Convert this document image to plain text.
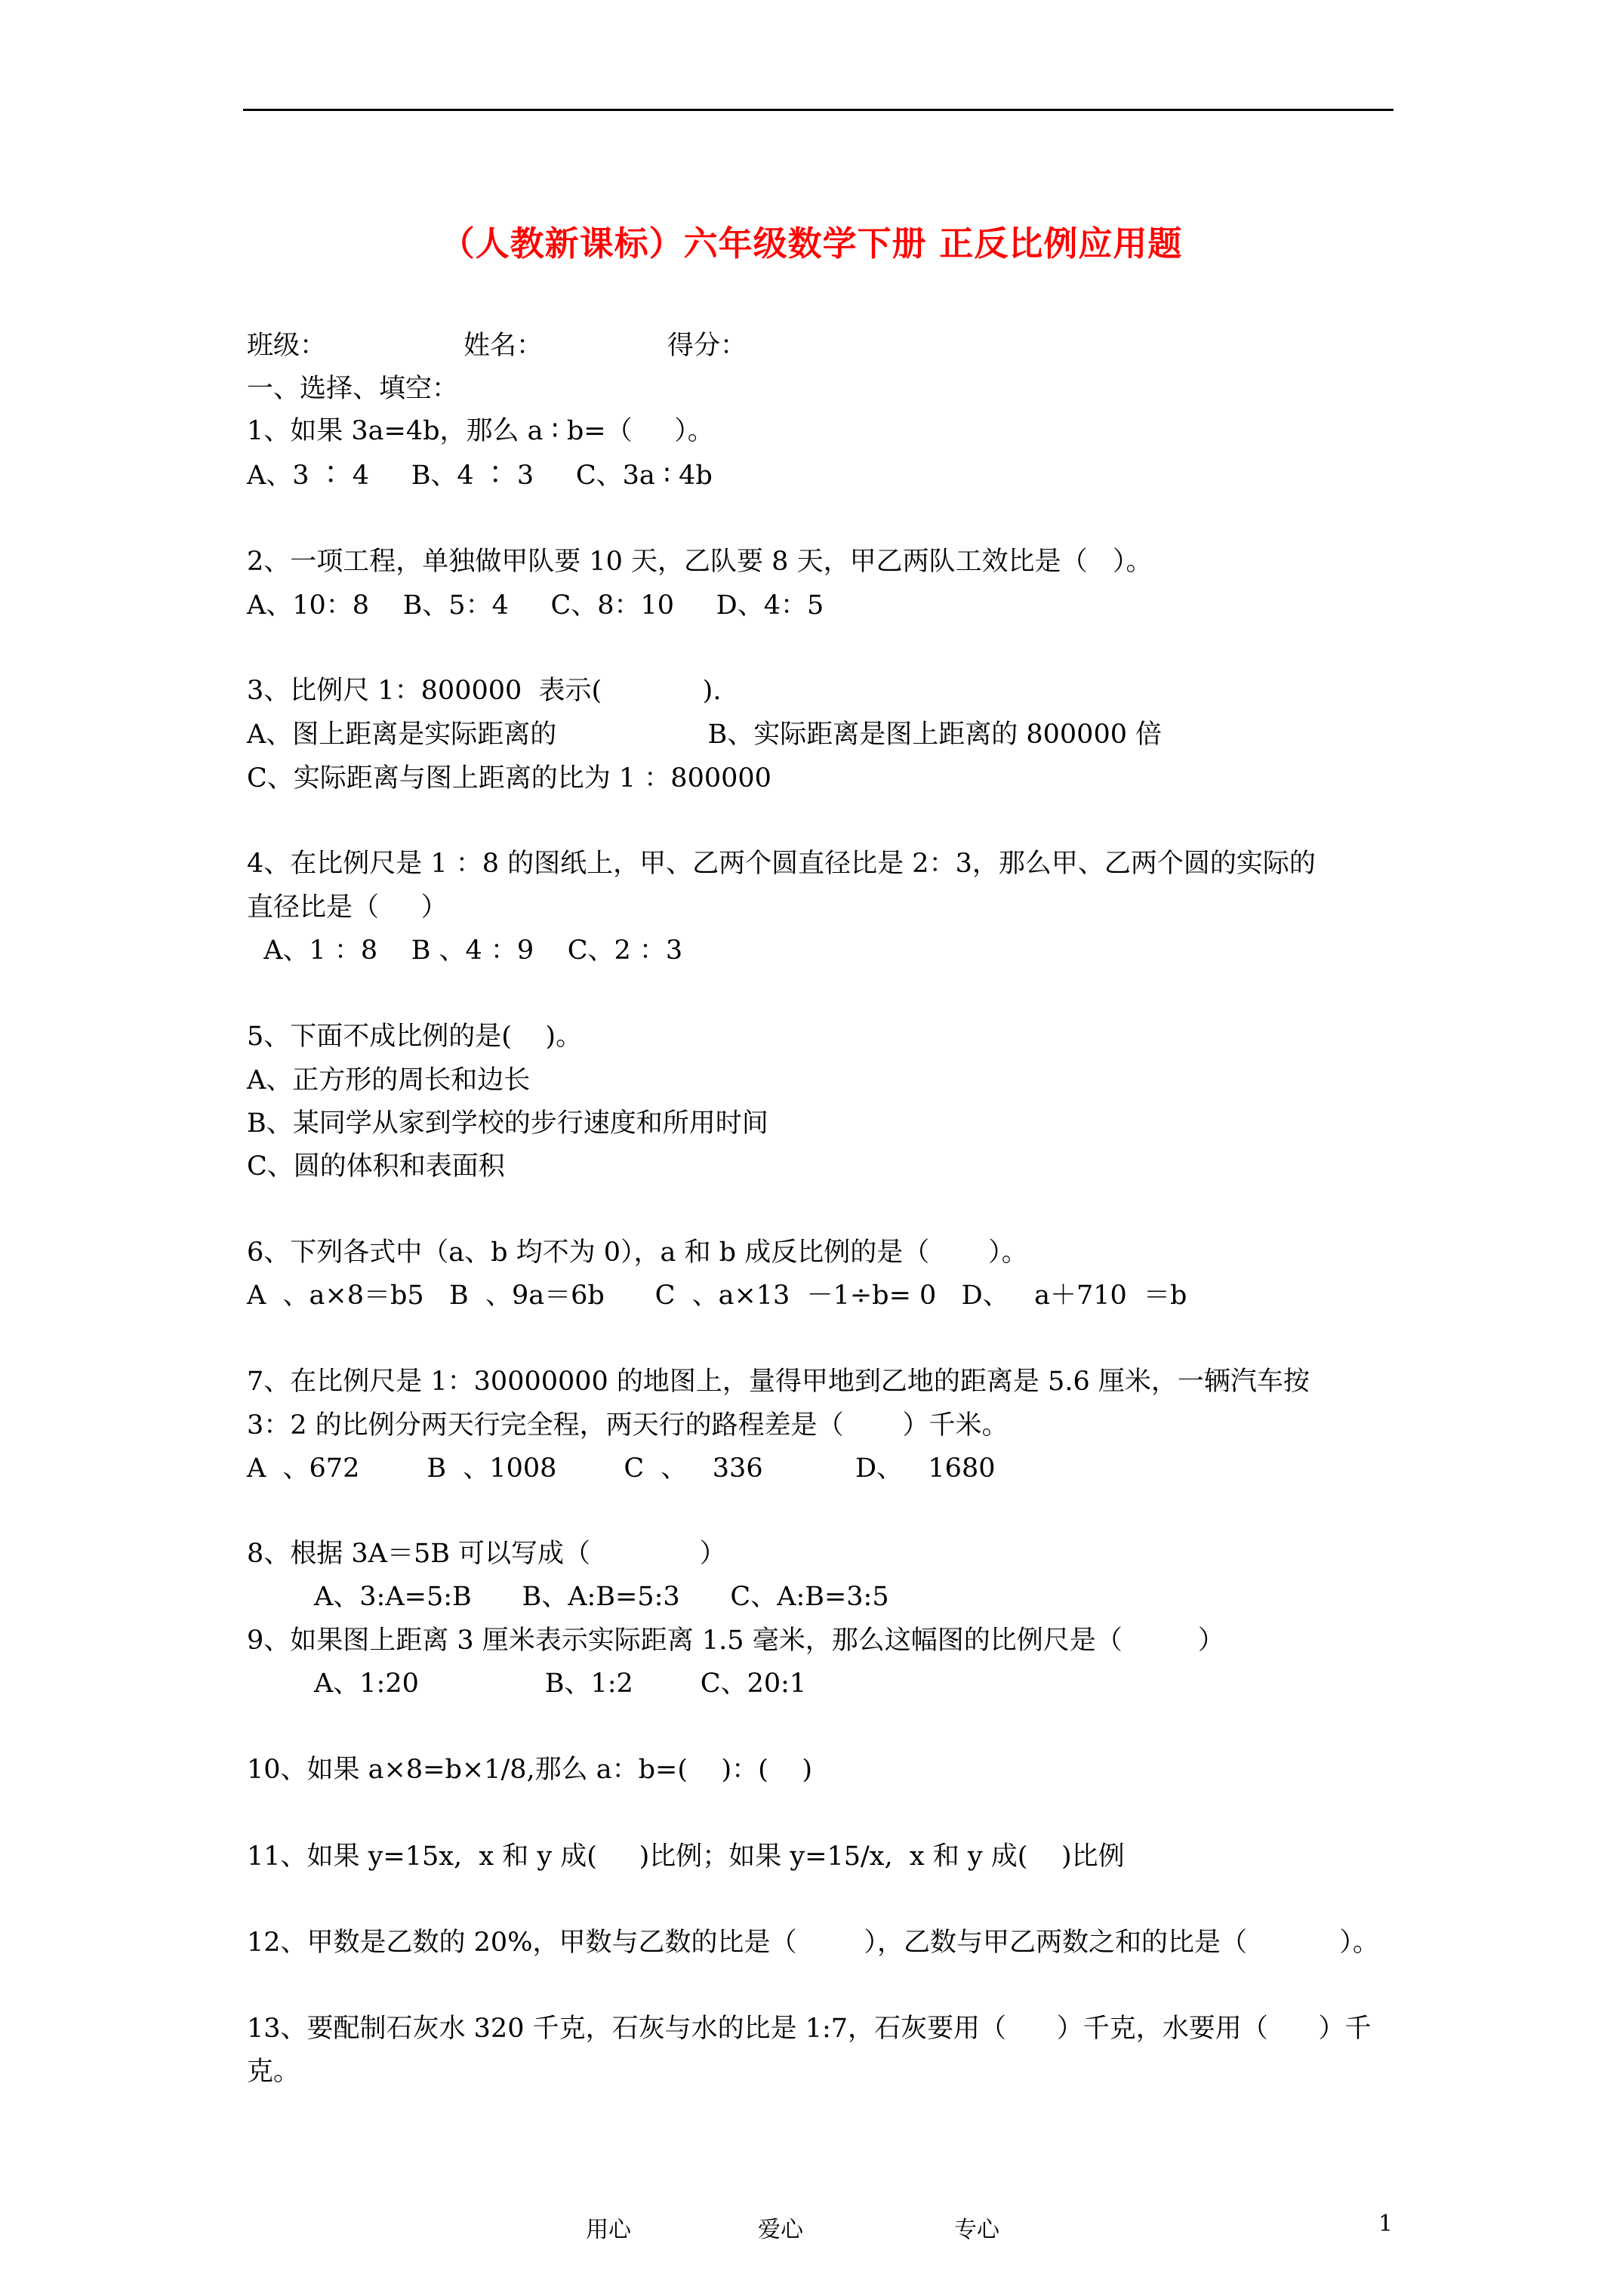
（人教新课标）六年级数学下册 正反比例应用题
班级：	姓名：	得分：
一、选择、填空：
1、如果 3a=4b，那么 a ∶ b=（     ）。
A、3 ∶ 4     B、4 ∶ 3     C、3a ∶ 4b
2、一项工程，单独做甲队要 10 天，乙队要 8 天，甲乙两队工效比是（   ）。
A、10：8    B、5：4     C、8：10     D、4：5
3、比例尺 1：800000  表示(            ).
A、图上距离是实际距离的                  B、实际距离是图上距离的 800000 倍
C、实际距离与图上距离的比为 1 ：800000
4、在比例尺是 1 ：8 的图纸上，甲、乙两个圆直径比是 2：3，那么甲、乙两个圆的实际的
直径比是（     ）
A、1 ：8    B 、4 ：9    C、2 ：3
5、下面不成比例的是(    )。
A、正方形的周长和边长
B、某同学从家到学校的步行速度和所用时间
C、圆的体积和表面积
6、下列各式中（a、b 均不为 0），a 和 b 成反比例的是（       ）。
A  、a×8＝b5   B  、9a＝6b      C  、a×13  －1÷b= 0   D、   a＋710  ＝b
7、在比例尺是 1：30000000 的地图上，量得甲地到乙地的距离是 5.6 厘米，一辆汽车按
3：2 的比例分两天行完全程，两天行的路程差是（       ）千米。
A  、672        B  、1008        C  、   336           D、   1680
8、根据 3A＝5B 可以写成（             ）
A、3:A=5:B      B、A:B=5:3      C、A:B=3:5
9、如果图上距离 3 厘米表示实际距离 1.5 毫米，那么这幅图的比例尺是（         ）
A、1:20               B、1:2        C、20:1
10、如果 a×8=b×1/8,那么 a：b=(    )：(    )
11、如果 y=15x,  x 和 y 成(     )比例；如果 y=15/x,  x 和 y 成(    )比例
12、甲数是乙数的 20%，甲数与乙数的比是（        ），乙数与甲乙两数之和的比是（           ）。
13、要配制石灰水 320 千克，石灰与水的比是 1:7，石灰要用（      ）千克，水要用（      ）千
克。
用心	爱心	专心	1
